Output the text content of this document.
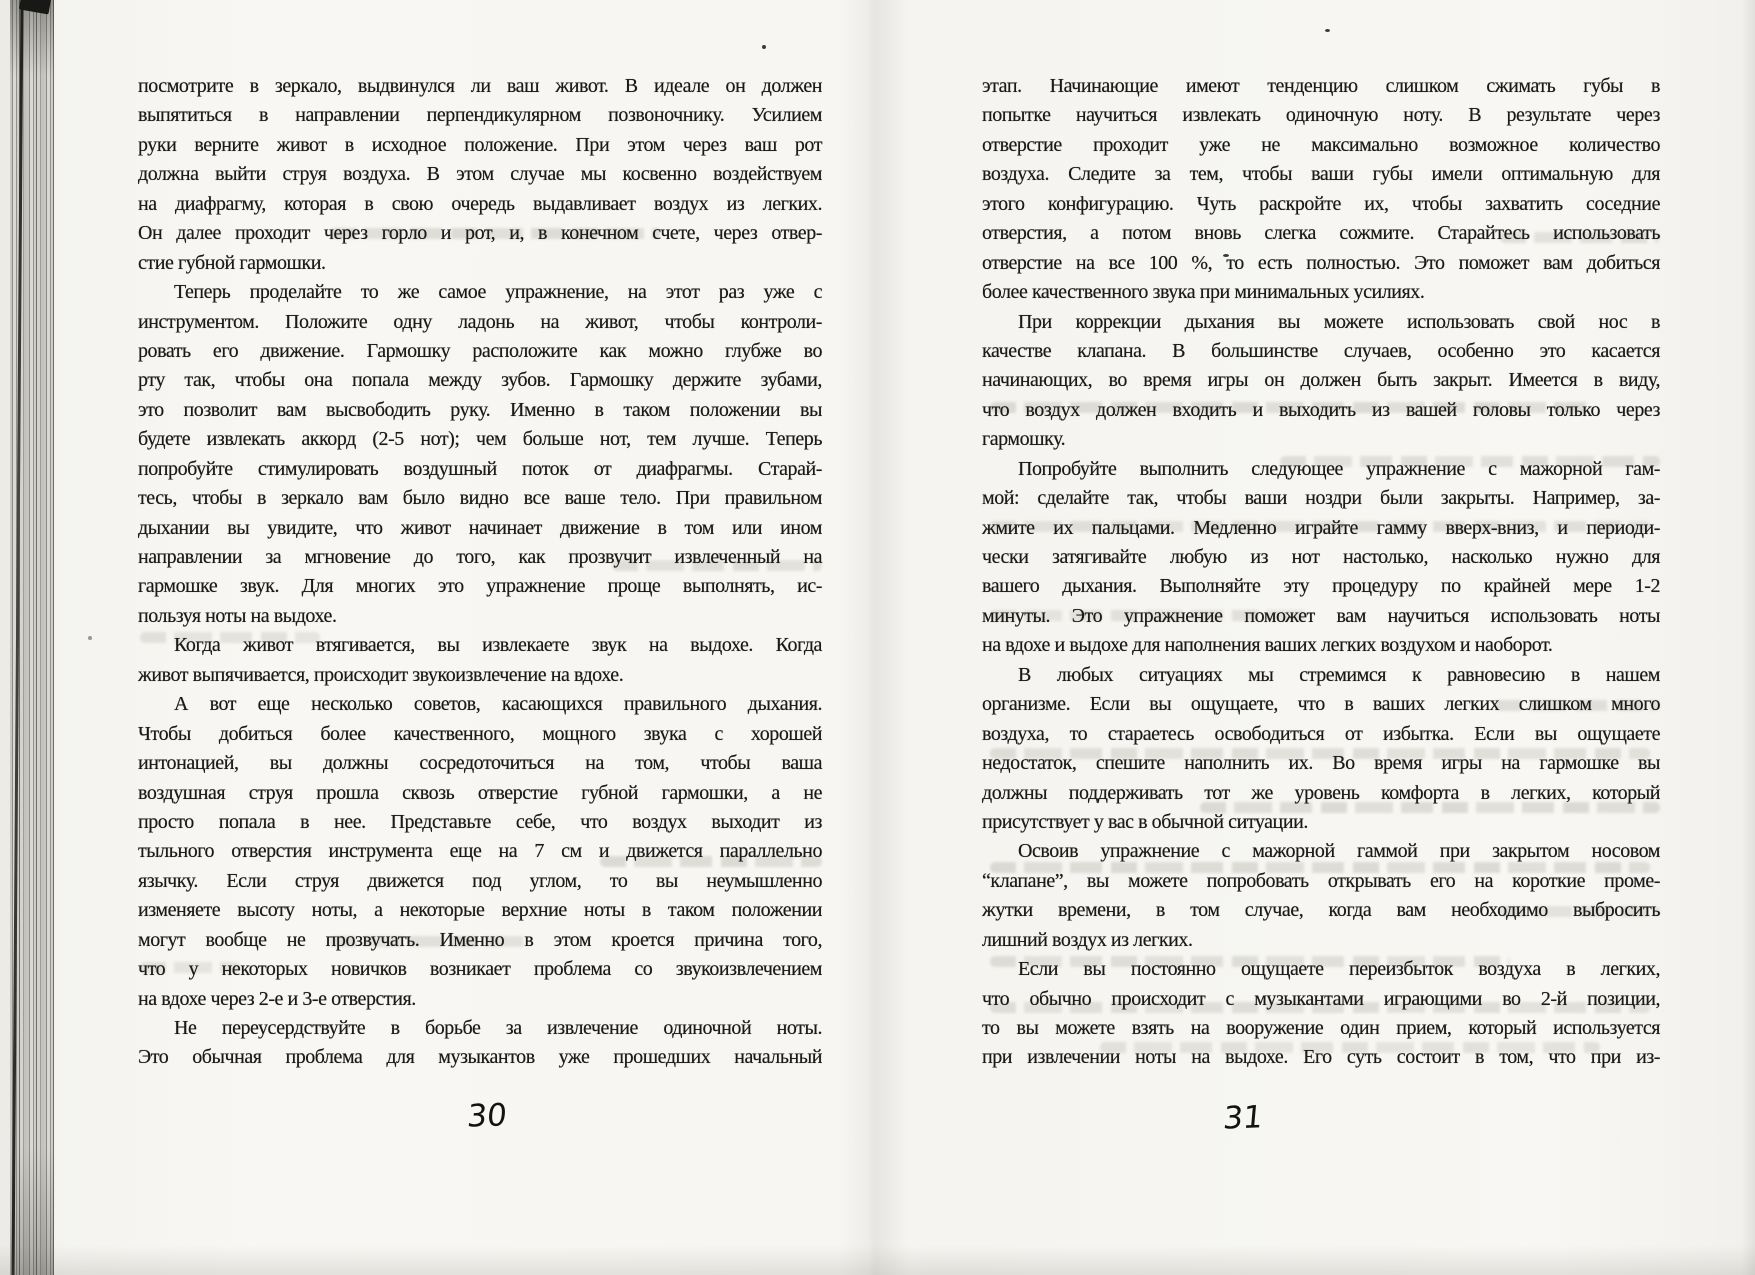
посмотрите в зеркало, выдвинулся ли ваш живот. В идеале он должен
выпятиться в направлении перпендикулярном позвоночнику. Усилием
руки верните живот в исходное положение. При этом через ваш рот
должна выйти струя воздуха. В этом случае мы косвенно воздействуем
на диафрагму, которая в свою очередь выдавливает воздух из легких.
Он далее проходит через горло и рот, и, в конечном счете, через отвер-
стие губной гармошки.
Теперь проделайте то же самое упражнение, на этот раз уже с
инструментом. Положите одну ладонь на живот, чтобы контроли-
ровать его движение. Гармошку расположите как можно глубже во
рту так, чтобы она попала между зубов. Гармошку держите зубами,
это позволит вам высвободить руку. Именно в таком положении вы
будете извлекать аккорд (2-5 нот); чем больше нот, тем лучше. Теперь
попробуйте стимулировать воздушный поток от диафрагмы. Старай-
тесь, чтобы в зеркало вам было видно все ваше тело. При правильном
дыхании вы увидите, что живот начинает движение в том или ином
направлении за мгновение до того, как прозвучит извлеченный на
гармошке звук. Для многих это упражнение проще выполнять, ис-
пользуя ноты на выдохе.
Когда живот втягивается, вы извлекаете звук на выдохе. Когда
живот выпячивается, происходит звукоизвлечение на вдохе.
А вот еще несколько советов, касающихся правильного дыхания.
Чтобы добиться более качественного, мощного звука с хорошей
интонацией, вы должны сосредоточиться на том, чтобы ваша
воздушная струя прошла сквозь отверстие губной гармошки, а не
просто попала в нее. Представьте себе, что воздух выходит из
тыльного отверстия инструмента еще на 7 см и движется параллельно
язычку. Если струя движется под углом, то вы неумышленно
изменяете высоту ноты, а некоторые верхние ноты в таком положении
могут вообще не прозвучать. Именно в этом кроется причина того,
что у некоторых новичков возникает проблема со звукоизвлечением
на вдохе через 2-е и 3-е отверстия.
Не переусердствуйте в борьбе за извлечение одиночной ноты.
Это обычная проблема для музыкантов уже прошедших начальный
этап. Начинающие имеют тенденцию слишком сжимать губы в
попытке научиться извлекать одиночную ноту. В результате через
отверстие проходит уже не максимально возможное количество
воздуха. Следите за тем, чтобы ваши губы имели оптимальную для
этого конфигурацию. Чуть раскройте их, чтобы захватить соседние
отверстия, а потом вновь слегка сожмите. Старайтесь использовать
отверстие на все 100 %, то есть полностью. Это поможет вам добиться
более качественного звука при минимальных усилиях.
При коррекции дыхания вы можете использовать свой нос в
качестве клапана. В большинстве случаев, особенно это касается
начинающих, во время игры он должен быть закрыт. Имеется в виду,
что воздух должен входить и выходить из вашей головы только через
гармошку.
Попробуйте выполнить следующее упражнение с мажорной гам-
мой: сделайте так, чтобы ваши ноздри были закрыты. Например, за-
жмите их пальцами. Медленно играйте гамму вверх-вниз, и периоди-
чески затягивайте любую из нот настолько, насколько нужно для
вашего дыхания. Выполняйте эту процедуру по крайней мере 1-2
минуты. Это упражнение поможет вам научиться использовать ноты
на вдохе и выдохе для наполнения ваших легких воздухом и наоборот.
В любых ситуациях мы стремимся к равновесию в нашем
организме. Если вы ощущаете, что в ваших легких слишком много
воздуха, то стараетесь освободиться от избытка. Если вы ощущаете
недостаток, спешите наполнить их. Во время игры на гармошке вы
должны поддерживать тот же уровень комфорта в легких, который
присутствует у вас в обычной ситуации.
Освоив упражнение с мажорной гаммой при закрытом носовом
“клапане”, вы можете попробовать открывать его на короткие проме-
жутки времени, в том случае, когда вам необходимо выбросить
лишний воздух из легких.
Если вы постоянно ощущаете переизбыток воздуха в легких,
что обычно происходит с музыкантами играющими во 2-й позиции,
то вы можете взять на вооружение один прием, который используется
при извлечении ноты на выдохе. Его суть состоит в том, что при из-
30	31
